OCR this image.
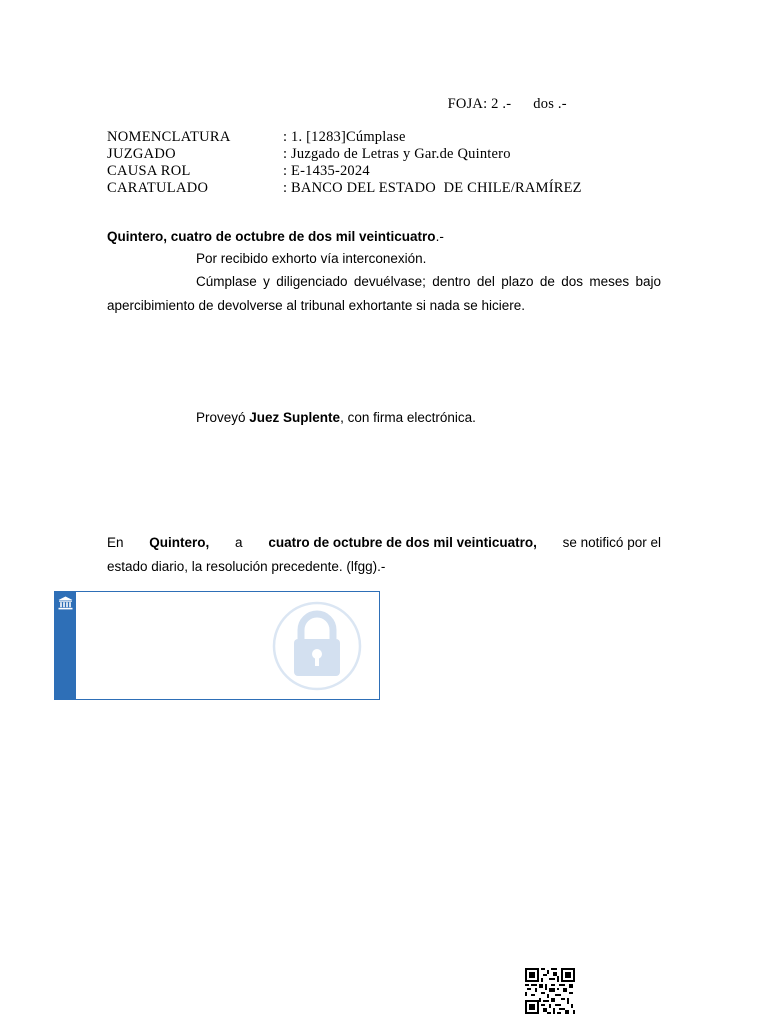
FOJA: 2 .- dos .-

NOMENCLATURA	: 1. [1283]Cúmplase
JUZGADO	: Juzgado de Letras y Gar.de Quintero
CAUSA ROL	: E-1435-2024
CARATULADO	: BANCO DEL ESTADO  DE CHILE/RAMÍREZ
Quintero, cuatro de octubre de dos mil veinticuatro.-
Por recibido exhorto vía interconexión.
Cúmplase y diligenciado devuélvase; dentro del plazo de dos meses bajo apercibimiento de devolverse al tribunal exhortante si nada se hiciere.
Proveyó Juez Suplente, con firma electrónica.
En Quintero, a cuatro de octubre de dos mil veinticuatro, se notificó por el
estado diario, la resolución precedente. (lfgg).-
